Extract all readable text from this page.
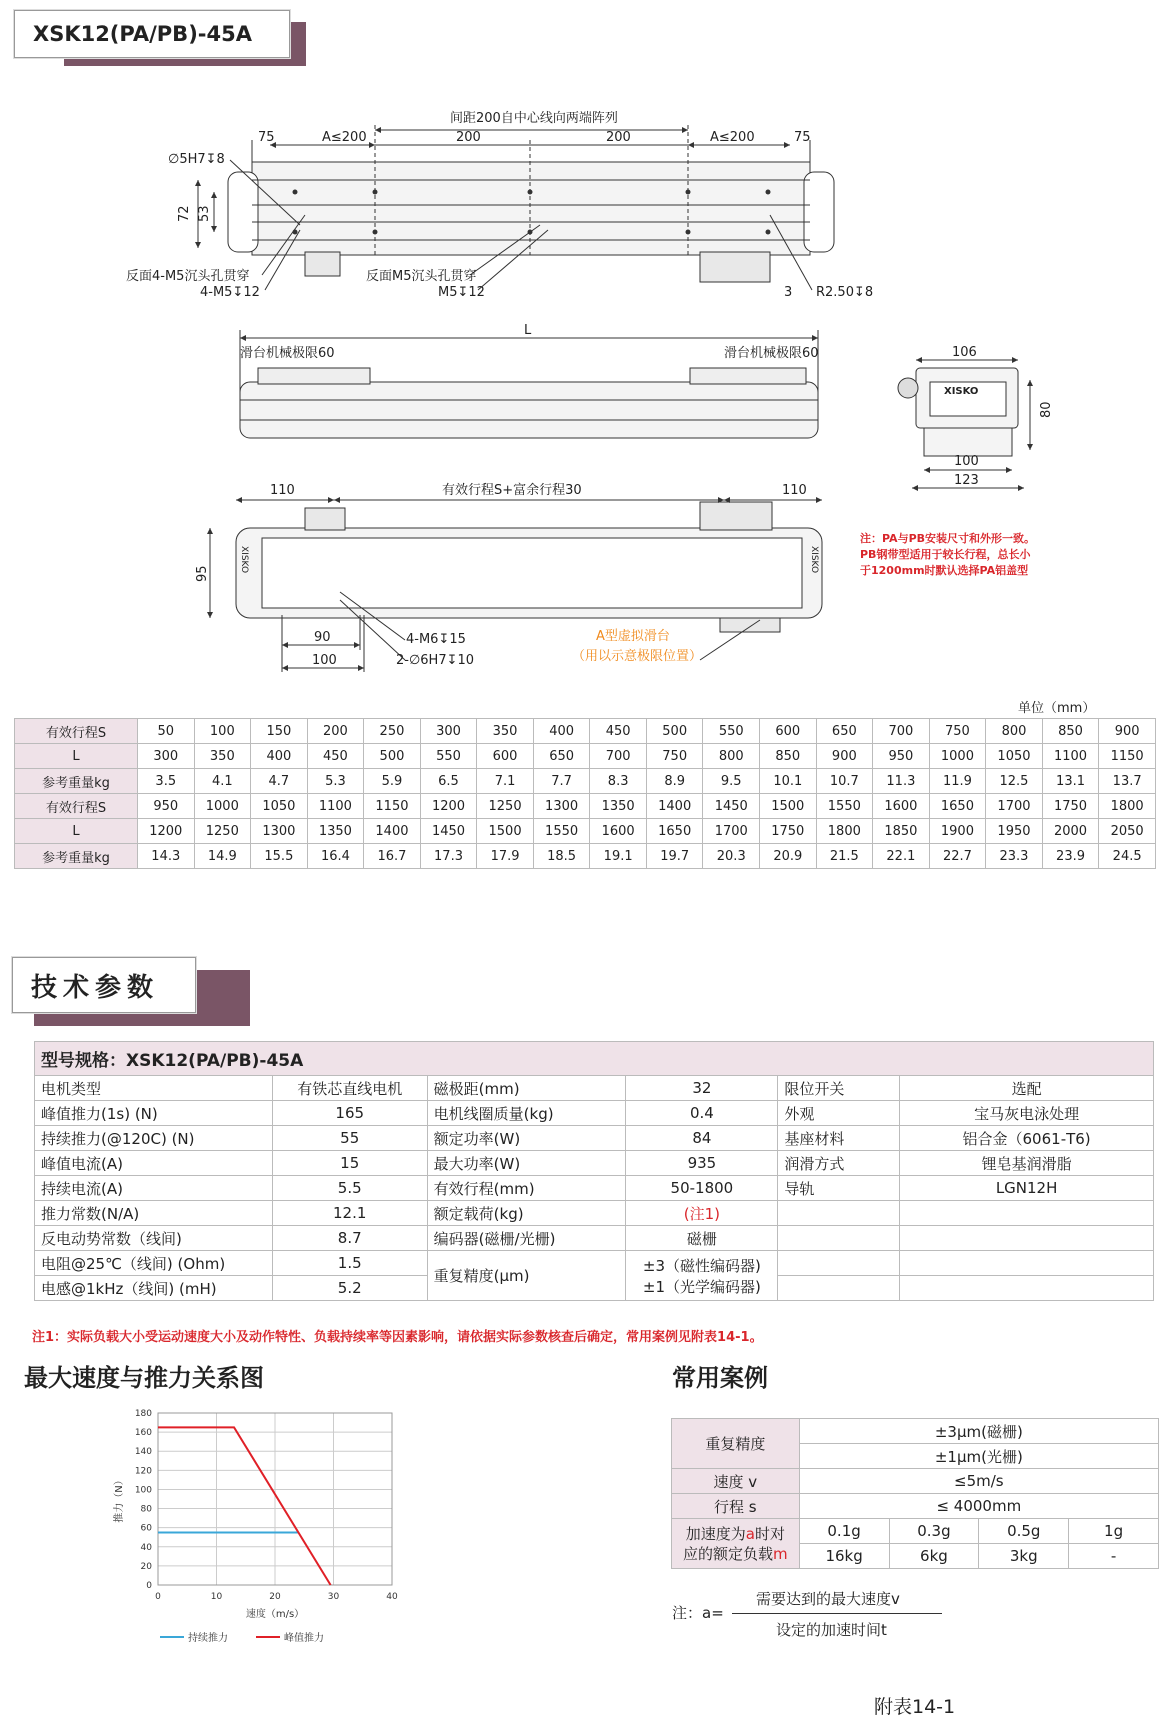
XSK12(PA/PB)-45A
间距200自中心线向两端阵列
75	A≤200	200	200	A≤200	75
∅5H7↧8
72 53
反面4-M5沉头孔贯穿
4-M5↧12
反面M5沉头孔贯穿
M5↧12	3 R2.50↧8
L
滑台机械极限60	滑台机械极限60	106
XISKO
80
100
123
110	有效行程S+富余行程30	110
95
XISKO	XISKO
90
100
4-M6↧15
2-∅6H7↧10
A型虚拟滑台
（用以示意极限位置）
注：PA与PB安装尺寸和外形一致。
PB钢带型适用于较长行程，总长小
于1200mm时默认选择PA铝盖型
单位（mm）
有效行程S	50	100	150	200	250	300	350	400	450	500	550	600	650	700	750	800	850	900
L	300	350	400	450	500	550	600	650	700	750	800	850	900	950	1000	1050	1100	1150
参考重量kg	3.5	4.1	4.7	5.3	5.9	6.5	7.1	7.7	8.3	8.9	9.5	10.1	10.7	11.3	11.9	12.5	13.1	13.7
有效行程S	950	1000	1050	1100	1150	1200	1250	1300	1350	1400	1450	1500	1550	1600	1650	1700	1750	1800
L	1200	1250	1300	1350	1400	1450	1500	1550	1600	1650	1700	1750	1800	1850	1900	1950	2000	2050
参考重量kg	14.3	14.9	15.5	16.4	16.7	17.3	17.9	18.5	19.1	19.7	20.3	20.9	21.5	22.1	22.7	23.3	23.9	24.5
技术参数
型号规格：XSK12(PA/PB)-45A					
电机类型	有铁芯直线电机	磁极距(mm)	32	限位开关	选配
峰值推力(1s) (N)	165	电机线圈质量(kg)	0.4	外观	宝马灰电泳处理
持续推力(@120C) (N)	55	额定功率(W)	84	基座材料	铝合金（6061-T6)
峰值电流(A)	15	最大功率(W)	935	润滑方式	锂皂基润滑脂
持续电流(A)	5.5	有效行程(mm)	50-1800	导轨	LGN12H
推力常数(N/A)	12.1	额定载荷(kg)	(注1)		
反电动势常数（线间)	8.7	编码器(磁栅/光栅)	磁栅		
电阻@25℃（线间) (Ohm)	1.5	重复精度(μm)	±3（磁性编码器)
±1（光学编码器)		
电感@1kHz（线间) (mH)	5.2				
注1：实际负载大小受运动速度大小及动作特性、负载持续率等因素影响，请依据实际参数核查后确定，常用案例见附表14-1。
最大速度与推力关系图
0
20
40
60
80
100
120
140
160
180
0	10	20	30	40
速度（m/s）
推力（N）
持续推力	峰值推力
常用案例
重复精度	±3μm(磁栅)			
	±1μm(光栅)			
速度 v	≤5m/s			
行程 s	≤ 4000mm			
加速度为a时对
应的额定负载m	0.1g	0.3g	0.5g	1g
	16kg	6kg	3kg	-
注：a=
需要达到的最大速度v
设定的加速时间t
附表14-1
